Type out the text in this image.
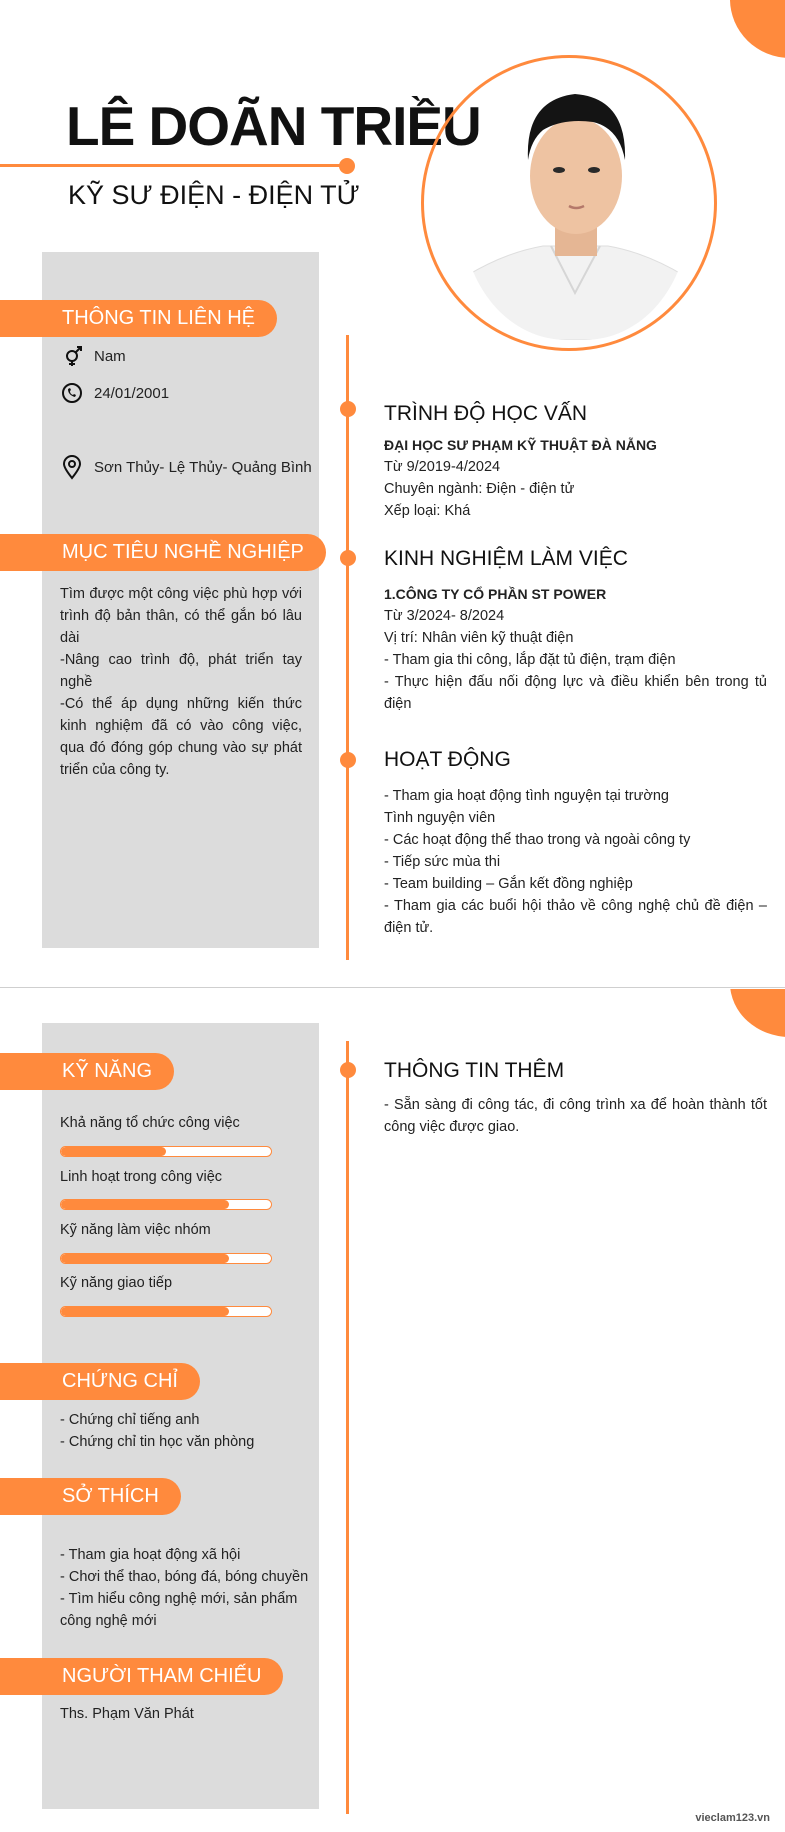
LÊ DOÃN TRIỀU
KỸ SƯ ĐIỆN - ĐIỆN TỬ
THÔNG TIN LIÊN HỆ
Nam
24/01/2001
Sơn Thủy- Lệ Thủy- Quảng Bình
MỤC TIÊU NGHỀ NGHIỆP
Tìm được một công việc phù hợp với trình độ bản thân, có thể gắn bó lâu dài
-Nâng cao trình độ, phát triển tay nghề
-Có thể áp dụng những kiến thức kinh nghiệm đã có vào công việc, qua đó đóng góp chung vào sự phát triển của công ty.
TRÌNH ĐỘ HỌC VẤN
ĐẠI HỌC SƯ PHẠM KỸ THUẬT ĐÀ NẴNG
Từ 9/2019-4/2024
Chuyên ngành: Điện - điện tử
Xếp loại: Khá
KINH NGHIỆM LÀM VIỆC
1.CÔNG TY CỔ PHẦN ST POWER
Từ 3/2024- 8/2024
Vị trí: Nhân viên kỹ thuật điện
- Tham gia thi công, lắp đặt tủ điện, trạm điện
- Thực hiện đấu nối động lực và điều khiển bên trong tủ điện
HOẠT ĐỘNG
- Tham gia hoạt động tình nguyện tại trường
Tình nguyện viên
- Các hoạt động thể thao trong và ngoài công ty
- Tiếp sức mùa thi
- Team building – Gắn kết đồng nghiệp
- Tham gia các buổi hội thảo về công nghệ chủ đề điện – điện tử.
KỸ NĂNG
Khả năng tổ chức công việc
Linh hoạt trong công việc
Kỹ năng làm việc nhóm
Kỹ năng giao tiếp
CHỨNG CHỈ
- Chứng chỉ tiếng anh
- Chứng chỉ tin học văn phòng
SỞ THÍCH
- Tham gia hoạt động xã hội
- Chơi thể thao, bóng đá, bóng chuyền
- Tìm hiểu công nghệ mới, sản phẩm công nghệ mới
NGƯỜI THAM CHIẾU
Ths. Phạm Văn Phát
THÔNG TIN THÊM
- Sẵn sàng đi công tác, đi công trình xa để hoàn thành tốt công việc được giao.
vieclam123.vn
